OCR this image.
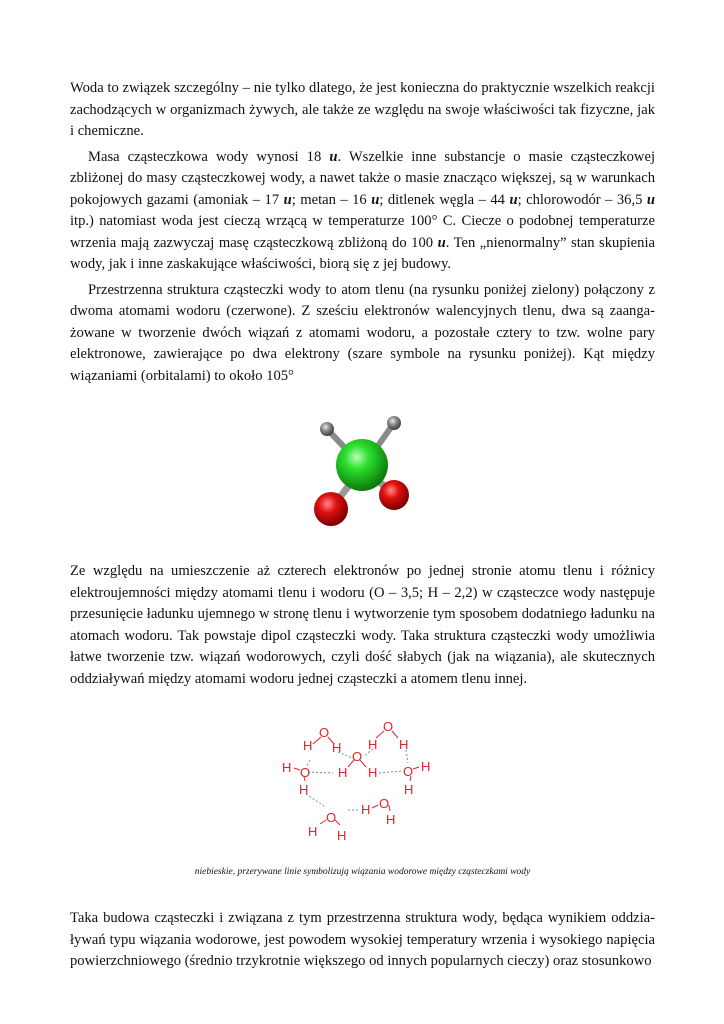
Woda to związek szczególny – nie tylko dlatego, że jest konieczna do praktycznie wszelkich reakcji zachodzących w organizmach żywych, ale także ze względu na swoje właściwości tak fizyczne, jak i chemiczne.

Masa cząsteczkowa wody wynosi 18 u. Wszelkie inne substancje o masie cząsteczkowej zbliżonej do masy cząsteczkowej wody, a nawet także o masie znacząco większej, są w warunkach pokojowych gazami (amoniak – 17 u; metan – 16 u; ditlenek węgla – 44 u; chlorowodór – 36,5 u itp.) natomiast woda jest cieczą wrzącą w temperaturze 100° C. Ciecze o podobnej temperaturze wrzenia mają zazwyczaj masę cząsteczkową zbliżoną do 100 u. Ten „nienormalny” stan skupienia wody, jak i inne zaskakujące właściwości, biorą się z jej budowy.

Przestrzenna struktura cząsteczki wody to atom tlenu (na rysunku poniżej zielony) połączony z dwoma atomami wodoru (czerwone). Z sześciu elektronów walencyjnych tlenu, dwa są zaangażowane w tworzenie dwóch wiązań z atomami wodoru, a pozostałe cztery to tzw. wolne pary elektronowe, zawierające po dwa elektrony (szare symbole na rysunku poniżej). Kąt między wiązaniami (orbitalami) to około 105°

Ze względu na umieszczenie aż czterech elektronów po jednej stronie atomu tlenu i różnicy elektroujemności między atomami tlenu i wodoru (O – 3,5; H – 2,2) w cząsteczce wody następuje przesunięcie ładunku ujemnego w stronę tlenu i wytworzenie tym sposobem dodatniego ładunku na atomach wodoru. Tak powstaje dipol cząsteczki wody. Taka struktura cząsteczki wody umożliwia łatwe tworzenie tzw. wiązań wodorowych, czyli dość słabych (jak na wiązania), ale skutecznych oddziaływań między atomami wodoru jednej cząsteczki a atomem tlenu innej.

O
H H
O
H H
O
H H
H O
H
O H
H
H O
H
O
H H
niebieskie, przerywane linie symbolizują wiązania wodorowe między cząsteczkami wody

Taka budowa cząsteczki i związana z tym przestrzenna struktura wody, będąca wynikiem oddziaływań typu wiązania wodorowe, jest powodem wysokiej temperatury wrzenia i wysokiego napięcia powierzchniowego (średnio trzykrotnie większego od innych popularnych cieczy) oraz stosunkowo
